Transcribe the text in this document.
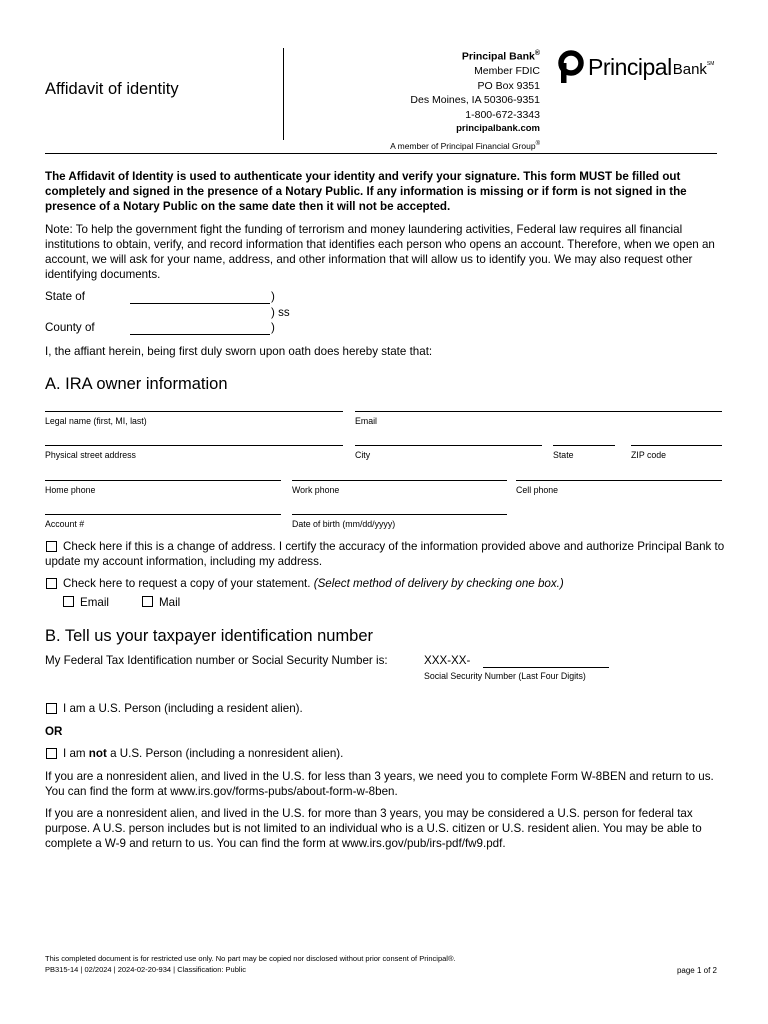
Affidavit of identity
Principal Bank®
Member FDIC
PO Box 9351
Des Moines, IA 50306-9351
1-800-672-3343
principalbank.com
A member of Principal Financial Group®
Principal Bank℠
The Affidavit of Identity is used to authenticate your identity and verify your signature. This form MUST be filled out completely and signed in the presence of a Notary Public. If any information is missing or if form is not signed in the presence of a Notary Public on the same date then it will not be accepted.
Note: To help the government fight the funding of terrorism and money laundering activities, Federal law requires all financial institutions to obtain, verify, and record information that identifies each person who opens an account. Therefore, when we open an account, we will ask for your name, address, and other information that will allow us to identify you. We may also request other identifying documents.
State of	)
) ss
County of	)
I, the affiant herein, being first duly sworn upon oath does hereby state that:
A. IRA owner information
Legal name (first, MI, last)	Email
Physical street address	City	State	ZIP code
Home phone	Work phone	Cell phone
Account #	Date of birth (mm/dd/yyyy)
Check here if this is a change of address. I certify the accuracy of the information provided above and authorize Principal Bank to update my account information, including my address.
Check here to request a copy of your statement. (Select method of delivery by checking one box.)
Email	Mail
B. Tell us your taxpayer identification number
My Federal Tax Identification number or Social Security Number is:	XXX-XX-
Social Security Number (Last Four Digits)
I am a U.S. Person (including a resident alien).
OR
I am not a U.S. Person (including a nonresident alien).
If you are a nonresident alien, and lived in the U.S. for less than 3 years, we need you to complete Form W-8BEN and return to us. You can find the form at www.irs.gov/forms-pubs/about-form-w-8ben.
If you are a nonresident alien, and lived in the U.S. for more than 3 years, you may be considered a U.S. person for federal tax purpose. A U.S. person includes but is not limited to an individual who is a U.S. citizen or U.S. resident alien. You may be able to complete a W-9 and return to us. You can find the form at www.irs.gov/pub/irs-pdf/fw9.pdf.
This completed document is for restricted use only. No part may be copied nor disclosed without prior consent of Principal®.
PB315-14 | 02/2024 | 2024-02-20-934 | Classification: Public	page 1 of 2
